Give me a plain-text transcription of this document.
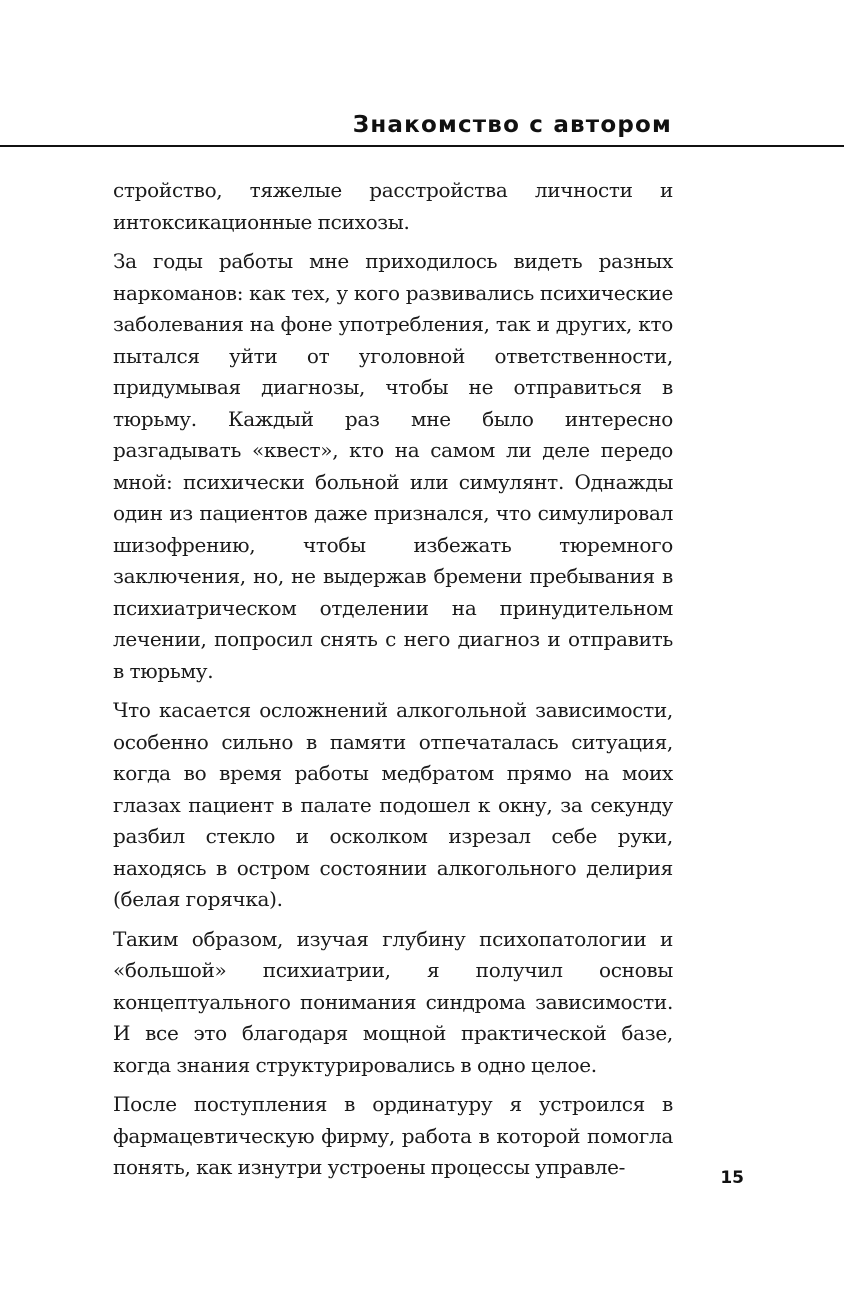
Знакомство с автором

стройство, тяжелые расстройства личности и интоксикационные психозы.

За годы работы мне приходилось видеть разных наркоманов: как тех, у кого развивались психические заболевания на фоне употребления, так и других, кто пытался уйти от уголовной ответственности, придумывая диагнозы, чтобы не отправиться в тюрьму. Каждый раз мне было интересно разгадывать «квест», кто на самом ли деле передо мной: психически больной или симулянт. Однажды один из пациентов даже признался, что симулировал шизофрению, чтобы избежать тюремного заключения, но, не выдержав бремени пребывания в психиатрическом отделении на принудительном лечении, попросил снять с него диагноз и отправить в тюрьму.

Что касается осложнений алкогольной зависимости, особенно сильно в памяти отпечаталась ситуация, когда во время работы медбратом прямо на моих глазах пациент в палате подошел к окну, за секунду разбил стекло и осколком изрезал себе руки, находясь в остром состоянии алкогольного делирия (белая горячка).

Таким образом, изучая глубину психопатологии и «большой» психиатрии, я получил основы концептуального понимания синдрома зависимости. И все это благодаря мощной практической базе, когда знания структурировались в одно целое.

После поступления в ординатуру я устроился в фармацевтическую фирму, работа в которой помогла понять, как изнутри устроены процессы управле-	15
